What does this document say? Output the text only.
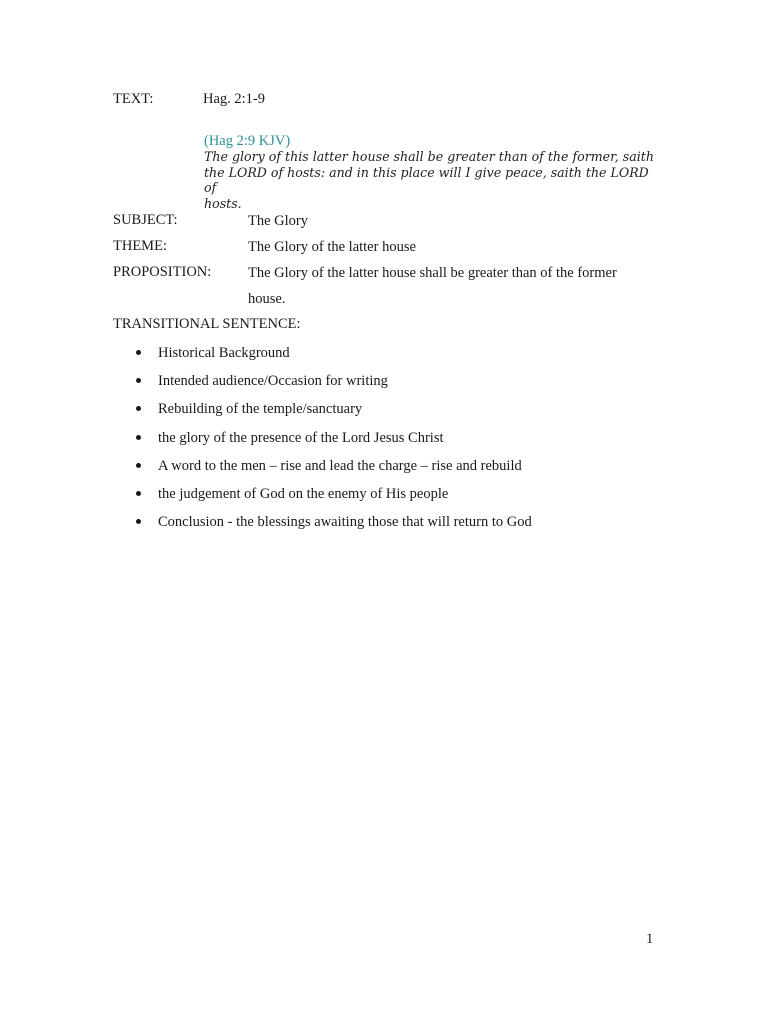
TEXT:	Hag. 2:1-9
(Hag 2:9 KJV)
The glory of this latter house shall be greater than of the former, saith
the LORD of hosts: and in this place will I give peace, saith the LORD of
hosts.
SUBJECT:	The Glory
THEME:	The Glory of the latter house
PROPOSITION:	The Glory of the latter house shall be greater than of the former house.
TRANSITIONAL SENTENCE:
Historical Background
Intended audience/Occasion for writing
Rebuilding of the temple/sanctuary
the glory of the presence of the Lord Jesus Christ
A word to the men – rise and lead the charge – rise and rebuild
the judgement of God on the enemy of His people
Conclusion - the blessings awaiting those that will return to God
1
